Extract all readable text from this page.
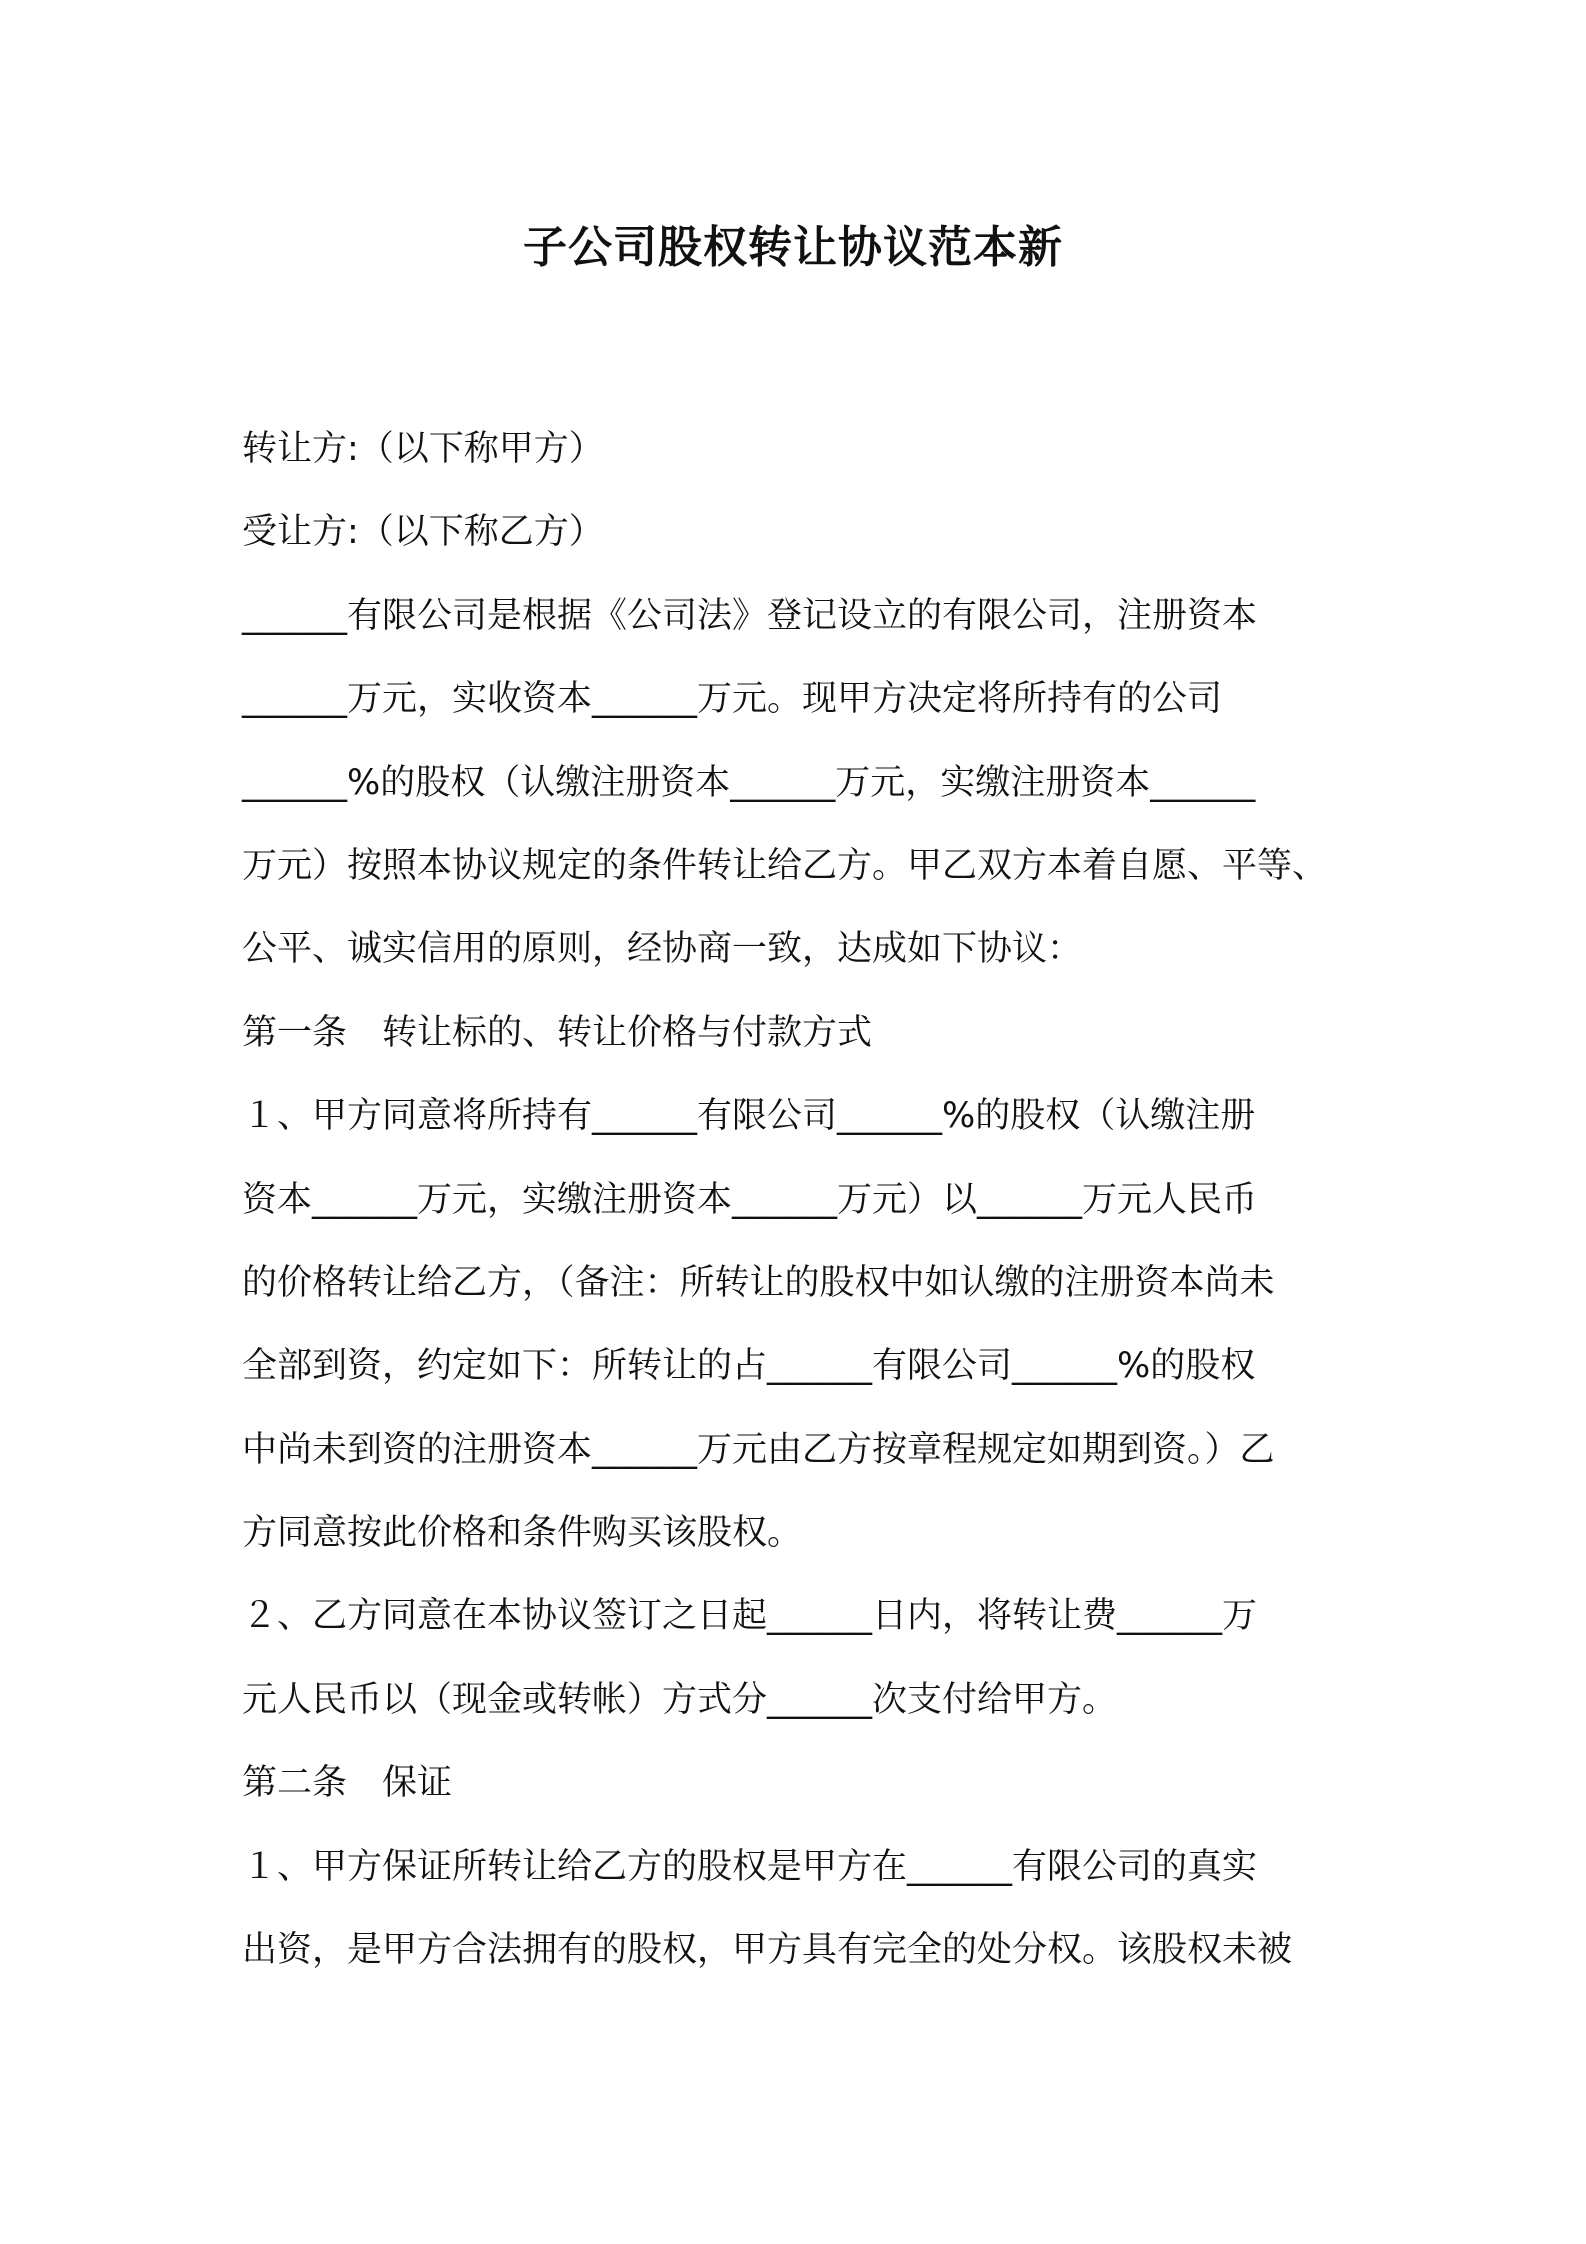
子公司股权转让协议范本新
转让方:（以下称甲方）
受让方:（以下称乙方）
______有限公司是根据《公司法》登记设立的有限公司，注册资本
______万元，实收资本______万元。现甲方决定将所持有的公司
______%的股权（认缴注册资本______万元，实缴注册资本______
万元）按照本协议规定的条件转让给乙方。甲乙双方本着自愿、平等、
公平、诚实信用的原则，经协商一致，达成如下协议：
第一条　转让标的、转让价格与付款方式
１、甲方同意将所持有______有限公司______%的股权（认缴注册
资本______万元，实缴注册资本______万元）以______万元人民币
的价格转让给乙方，（备注：所转让的股权中如认缴的注册资本尚未
全部到资，约定如下：所转让的占______有限公司______%的股权
中尚未到资的注册资本______万元由乙方按章程规定如期到资。）乙
方同意按此价格和条件购买该股权。
２、乙方同意在本协议签订之日起______日内，将转让费______万
元人民币以（现金或转帐）方式分______次支付给甲方。
第二条　保证
１、甲方保证所转让给乙方的股权是甲方在______有限公司的真实
出资，是甲方合法拥有的股权，甲方具有完全的处分权。该股权未被
